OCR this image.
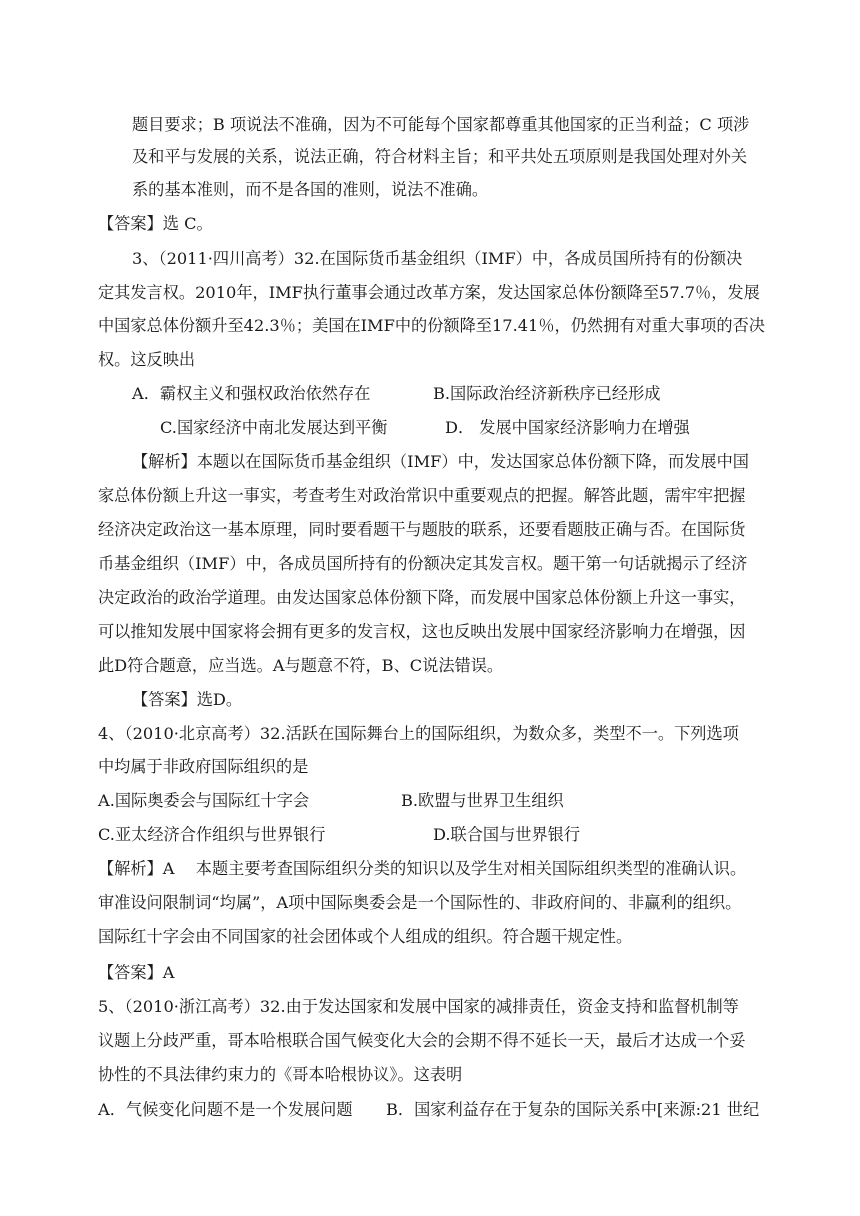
题目要求；B 项说法不准确，因为不可能每个国家都尊重其他国家的正当利益；C 项涉
及和平与发展的关系，说法正确，符合材料主旨；和平共处五项原则是我国处理对外关
系的基本准则，而不是各国的准则，说法不准确。
【答案】选 C。
3、（2011·四川高考）32.在国际货币基金组织（IMF）中，各成员国所持有的份额决
定其发言权。2010年，IMF执行董事会通过改革方案，发达国家总体份额降至57.7％，发展
中国家总体份额升至42.3％；美国在IMF中的份额降至17.41％，仍然拥有对重大事项的否决
权。这反映出
A．霸权主义和强权政治依然存在	B.国际政治经济新秩序已经形成
C.国家经济中南北发展达到平衡	D． 发展中国家经济影响力在增强
【解析】本题以在国际货币基金组织（IMF）中，发达国家总体份额下降，而发展中国
家总体份额上升这一事实，考查考生对政治常识中重要观点的把握。解答此题，需牢牢把握
经济决定政治这一基本原理，同时要看题干与题肢的联系，还要看题肢正确与否。在国际货
币基金组织（IMF）中，各成员国所持有的份额决定其发言权。题干第一句话就揭示了经济
决定政治的政治学道理。由发达国家总体份额下降，而发展中国家总体份额上升这一事实，
可以推知发展中国家将会拥有更多的发言权，这也反映出发展中国家经济影响力在增强，因
此D符合题意，应当选。A与题意不符，B、C说法错误。
【答案】选D。
4、（2010·北京高考）32.活跃在国际舞台上的国际组织，为数众多，类型不一。下列选项
中均属于非政府国际组织的是
A.国际奥委会与国际红十字会	B.欧盟与世界卫生组织
C.亚太经济合作组织与世界银行	D.联合国与世界银行
【解析】A　 本题主要考查国际组织分类的知识以及学生对相关国际组织类型的准确认识。
审准设问限制词“均属”，A项中国际奥委会是一个国际性的、非政府间的、非赢利的组织。
国际红十字会由不同国家的社会团体或个人组成的组织。符合题干规定性。
【答案】A
5、（2010·浙江高考）32.由于发达国家和发展中国家的减排责任，资金支持和监督机制等
议题上分歧严重，哥本哈根联合国气候变化大会的会期不得不延长一天，最后才达成一个妥
协性的不具法律约束力的《哥本哈根协议》。这表明
A．气候变化问题不是一个发展问题 B．国家利益存在于复杂的国际关系中[来源:21 世纪
